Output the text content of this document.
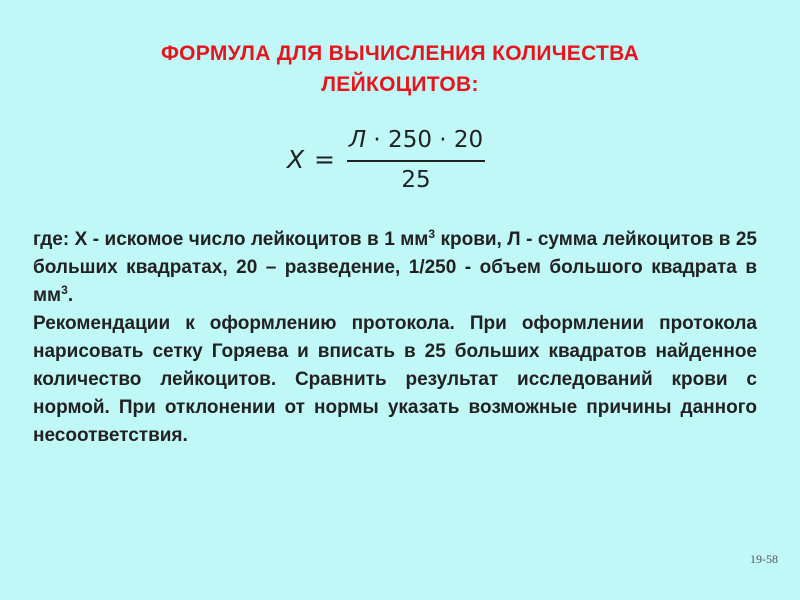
ФОРМУЛА ДЛЯ ВЫЧИСЛЕНИЯ КОЛИЧЕСТВА
ЛЕЙКОЦИТОВ:
X =
Л · 250 · 20
25

где: Х - искомое число лейкоцитов в 1 $мм^3$ крови, Л - сумма лейкоцитов в 25 больших квадратах, 20 – разведение, 1/250 - объем большого квадрата в $мм^3$.

Рекомендации к оформлению протокола. При оформлении протокола нарисовать сетку Горяева и вписать в 25 больших квадратов найденное количество лейкоцитов. Сравнить результат исследований крови с нормой. При отклонении от нормы указать возможные причины данного несоответствия.

19-58
